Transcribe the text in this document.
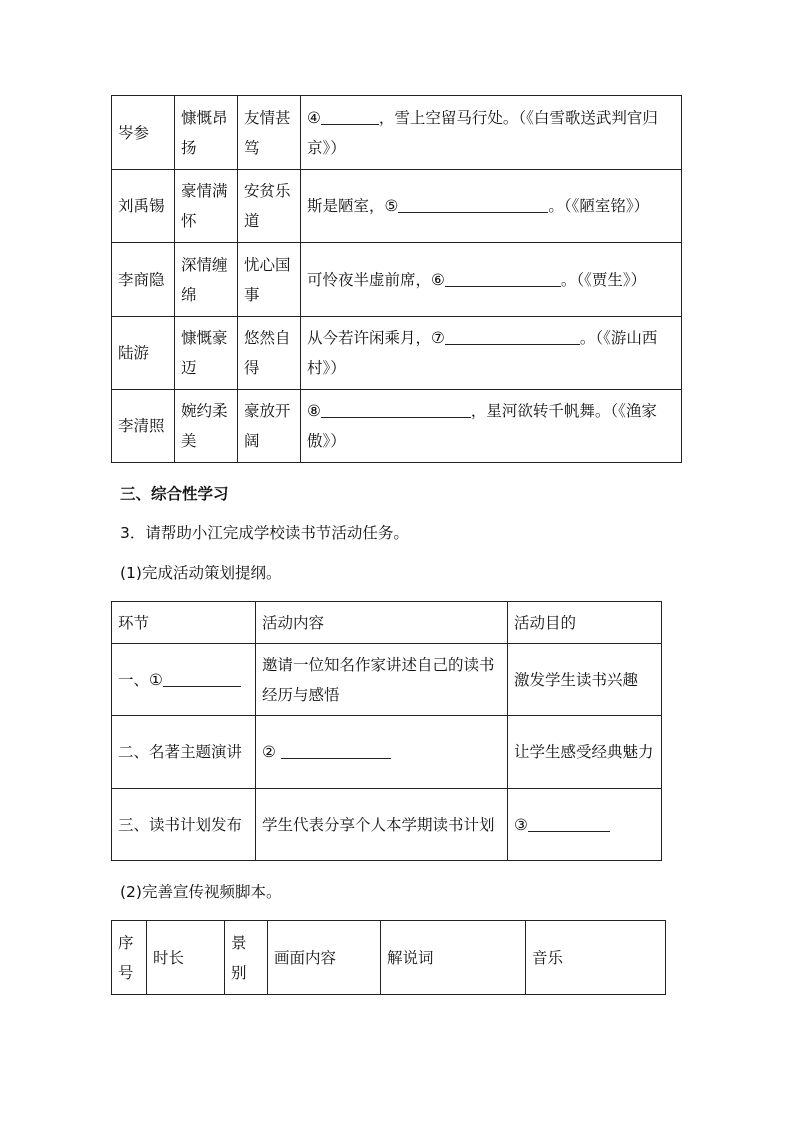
岑参	慷慨昂扬	友情甚笃	④ ，雪上空留马行处。（《白雪歌送武判官归京》）
刘禹锡	豪情满怀	安贫乐道	斯是陋室，⑤ 。（《陋室铭》）
李商隐	深情缠绵	忧心国事	可怜夜半虚前席，⑥ 。（《贾生》）
陆游	慷慨豪迈	悠然自得	从今若许闲乘月，⑦ 。（《游山西村》）
李清照	婉约柔美	豪放开阔	⑧ ，星河欲转千帆舞。（《渔家傲》）
三、综合性学习
3．请帮助小江完成学校读书节活动任务。
(1)完成活动策划提纲。
环节	活动内容	活动目的
一、①	邀请一位知名作家讲述自己的读书经历与感悟	激发学生读书兴趣
二、名著主题演讲	②	让学生感受经典魅力
三、读书计划发布	学生代表分享个人本学期读书计划	③
(2)完善宣传视频脚本。
序号	时长	景别	画面内容	解说词	音乐
